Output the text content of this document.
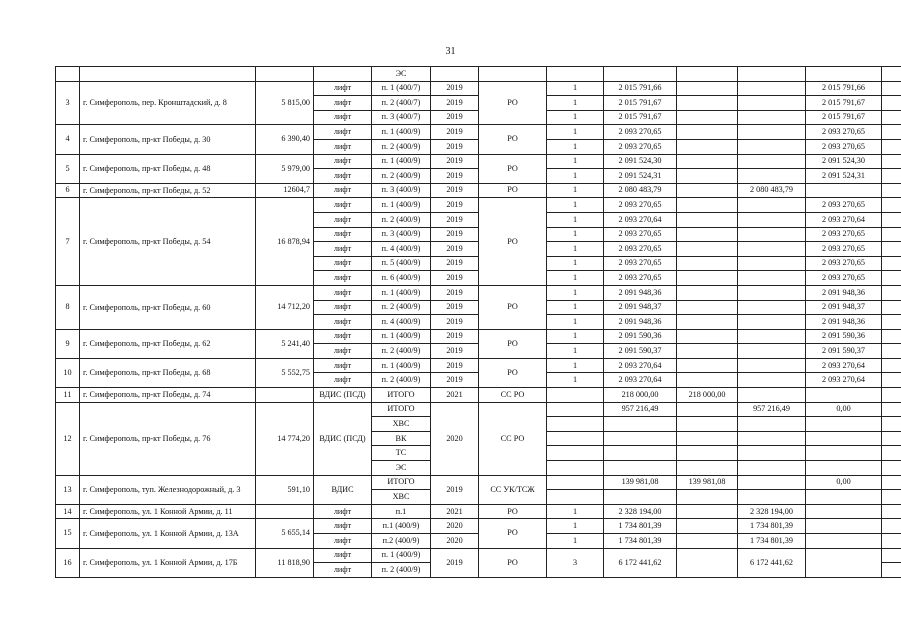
31
				ЭС								
3	г. Симферополь, пер. Кронштадский, д. 8	5 815,00	лифт	п. 1 (400/7)	2019	РО	1	2 015 791,66			2 015 791,66	
			лифт	п. 2 (400/7)	2019		1	2 015 791,67			2 015 791,67	
			лифт	п. 3 (400/7)	2019		1	2 015 791,67			2 015 791,67	
4	г. Симферополь, пр-кт Победы, д. 30	6 390,40	лифт	п. 1 (400/9)	2019	РО	1	2 093 270,65			2 093 270,65	
			лифт	п. 2 (400/9)	2019		1	2 093 270,65			2 093 270,65	
5	г. Симферополь, пр-кт Победы, д. 48	5 979,00	лифт	п. 1 (400/9)	2019	РО	1	2 091 524,30			2 091 524,30	
			лифт	п. 2 (400/9)	2019		1	2 091 524,31			2 091 524,31	
6	г. Симферополь, пр-кт Победы, д. 52	12604,7	лифт	п. 3 (400/9)	2019	РО	1	2 080 483,79		2 080 483,79		
7	г. Симферополь, пр-кт Победы, д. 54	16 878,94	лифт	п. 1 (400/9)	2019	РО	1	2 093 270,65			2 093 270,65	
			лифт	п. 2 (400/9)	2019		1	2 093 270,64			2 093 270,64	
			лифт	п. 3 (400/9)	2019		1	2 093 270,65			2 093 270,65	
			лифт	п. 4 (400/9)	2019		1	2 093 270,65			2 093 270,65	
			лифт	п. 5 (400/9)	2019		1	2 093 270,65			2 093 270,65	
			лифт	п. 6 (400/9)	2019		1	2 093 270,65			2 093 270,65	
8	г. Симферополь, пр-кт Победы, д. 60	14 712,20	лифт	п. 1 (400/9)	2019	РО	1	2 091 948,36			2 091 948,36	
			лифт	п. 2 (400/9)	2019		1	2 091 948,37			2 091 948,37	
			лифт	п. 4 (400/9)	2019		1	2 091 948,36			2 091 948,36	
9	г. Симферополь, пр-кт Победы, д. 62	5 241,40	лифт	п. 1 (400/9)	2019	РО	1	2 091 590,36			2 091 590,36	
			лифт	п. 2 (400/9)	2019		1	2 091 590,37			2 091 590,37	
10	г. Симферополь, пр-кт Победы, д. 68	5 552,75	лифт	п. 1 (400/9)	2019	РО	1	2 093 270,64			2 093 270,64	
			лифт	п. 2 (400/9)	2019		1	2 093 270,64			2 093 270,64	
11	г. Симферополь, пр-кт Победы, д. 74		ВДИС (ПСД)	ИТОГО	2021	СС РО		218 000,00	218 000,00			
12	г. Симферополь, пр-кт Победы, д. 76	14 774,20	ВДИС (ПСД)	ИТОГО	2020	СС РО		957 216,49		957 216,49	0,00	
				ХВС								
				ВК								
				ТС								
				ЭС								
13	г. Симферополь, туп. Железнодорожный, д. 3	591,10	ВДИС	ИТОГО	2019	СС УК/ТСЖ		139 981,08	139 981,08		0,00	
				ХВС								
14	г. Симферополь, ул. 1 Конной Армии, д. 11		лифт	п.1	2021	РО	1	2 328 194,00		2 328 194,00		
15	г. Симферополь, ул. 1 Конной Армии, д. 13А	5 655,14	лифт	п.1 (400/9)	2020	РО	1	1 734 801,39		1 734 801,39		
			лифт	п.2 (400/9)	2020		1	1 734 801,39		1 734 801,39		
16	г. Симферополь, ул. 1 Конной Армии, д. 17Б	11 818,90	лифт	п. 1 (400/9)	2019	РО	3	6 172 441,62		6 172 441,62		
			лифт	п. 2 (400/9)								
